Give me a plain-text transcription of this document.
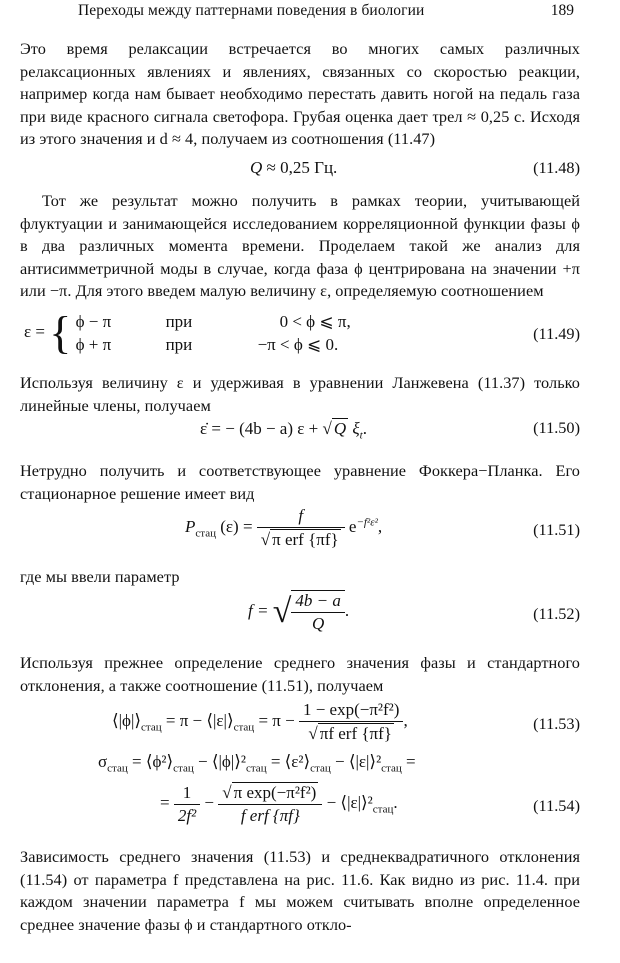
Переходы между паттернами поведения в биологии	189

Это время релаксации встречается во многих самых различных релаксационных явлениях и явлениях, связанных со скоростью реакции, например когда нам бывает необходимо перестать давить ногой на педаль газа при виде красного сигнала светофора. Грубая оценка дает τрел ≈ 0,25 с. Исходя из этого значения и d ≈ 4, получаем из соотношения (11.47)

Q ≈ 0,25 Гц.	(11.48)

Тот же результат можно получить в рамках теории, учитывающей флуктуации и занимающейся исследованием корреляционной функции фазы ϕ в два различных момента времени. Проделаем такой же анализ для антисимметричной моды в случае, когда фаза ϕ центрирована на значении +π или −π. Для этого введем малую величину ε, определяемую соотношением

ε = { ϕ − π	при	0 < ϕ ⩽ π,
ϕ + π	при	−π < ϕ ⩽ 0.
(11.49)

Используя величину ε и удерживая в уравнении Ланжевена (11.37) только линейные члены, получаем

ε̇ = − (4b − a) ε + √ Q $\xi_t$.	(11.50)

Нетрудно получить и соответствующее уравнение Фоккера−Планка. Его стационарное решение имеет вид

$P_{стац}$ $(\varepsilon) = \frac{f}{\text{√ π erf \{πf\}}} e^{-f^2\varepsilon^2}$,	(11.51)

где мы ввели параметр

f = √ $\frac{4b - a}{Q}$ .	(11.52)

Используя прежнее определение среднего значения фазы и стандартного отклонения, а также соотношение (11.51), получаем

$⟨|\phi|⟩_{стац} = \pi$ − $⟨|\varepsilon|⟩_{стац} = \pi - \frac{\text{1 − exp(−π²f²)}}{\text{√ πf erf \{πf\}}}$ ,	(11.53)
$\sigma_{стац}$ = $⟨\phi^2⟩_{стац}$ − $⟨|\phi|⟩^2_{стац}$ = $⟨\varepsilon^2⟩_{стац}$ − $⟨|\varepsilon|⟩^2_{стац}$ =
= $\frac{1}{\text{2f²}} - \frac{\text{√ π exp(−π²f²)}}{\text{f erf \{πf\}}}$ − $⟨|\varepsilon|⟩^2_{стац}$.	(11.54)

Зависимость среднего значения (11.53) и среднеквадратичного отклонения (11.54) от параметра f представлена на рис. 11.6. Как видно из рис. 11.4. при каждом значении параметра f мы можем считывать вполне определенное среднее значение фазы ϕ и стандартного откло-
